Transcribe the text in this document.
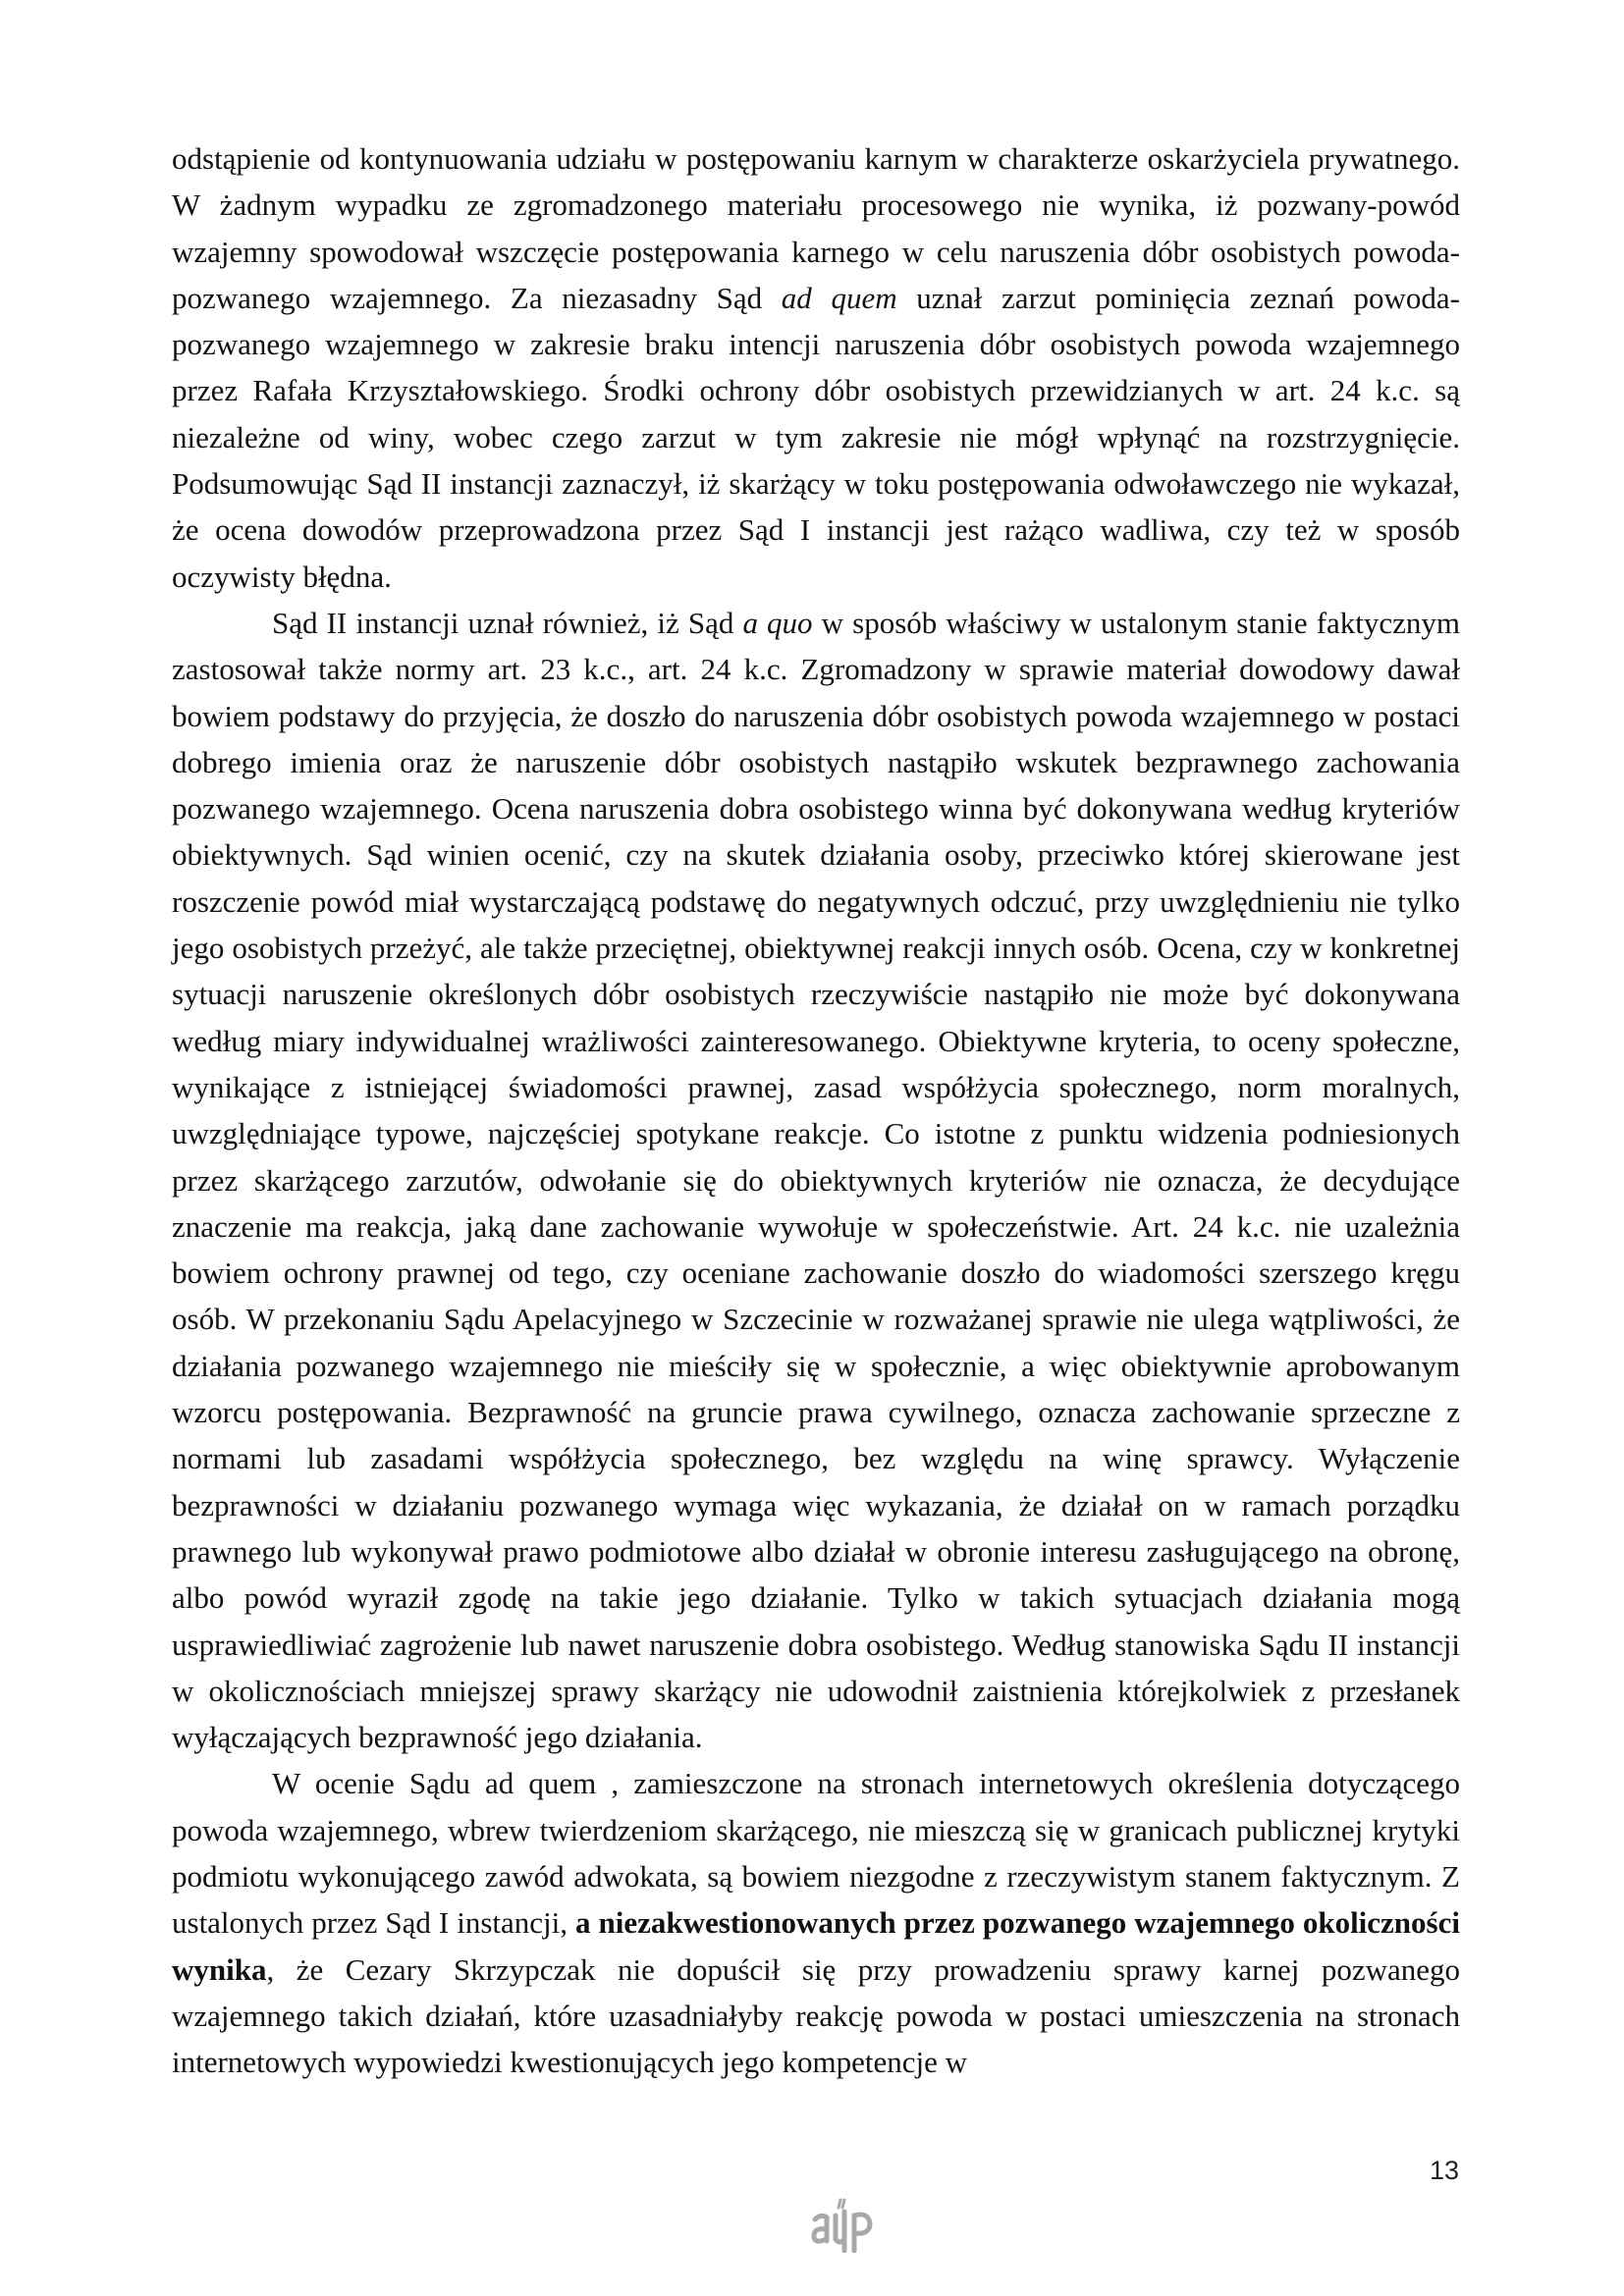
odstąpienie od kontynuowania udziału w postępowaniu karnym w charakterze oskarżyciela prywatnego. W żadnym wypadku ze zgromadzonego materiału procesowego nie wynika, iż pozwany-powód wzajemny spowodował wszczęcie postępowania karnego w celu naruszenia dóbr osobistych powoda-pozwanego wzajemnego. Za niezasadny Sąd ad quem uznał zarzut pominięcia zeznań powoda-pozwanego wzajemnego w zakresie braku intencji naruszenia dóbr osobistych powoda wzajemnego przez Rafała Krzyształowskiego. Środki ochrony dóbr osobistych przewidzianych w art. 24 k.c. są niezależne od winy, wobec czego zarzut w tym zakresie nie mógł wpłynąć na rozstrzygnięcie. Podsumowując Sąd II instancji zaznaczył, iż skarżący w toku postępowania odwoławczego nie wykazał, że ocena dowodów przeprowadzona przez Sąd I instancji jest rażąco wadliwa, czy też w sposób oczywisty błędna.

Sąd II instancji uznał również, iż Sąd a quo w sposób właściwy w ustalonym stanie faktycznym zastosował także normy art. 23 k.c., art. 24 k.c. Zgromadzony w sprawie materiał dowodowy dawał bowiem podstawy do przyjęcia, że doszło do naruszenia dóbr osobistych powoda wzajemnego w postaci dobrego imienia oraz że naruszenie dóbr osobistych nastąpiło wskutek bezprawnego zachowania pozwanego wzajemnego. Ocena naruszenia dobra osobistego winna być dokonywana według kryteriów obiektywnych. Sąd winien ocenić, czy na skutek działania osoby, przeciwko której skierowane jest roszczenie powód miał wystarczającą podstawę do negatywnych odczuć, przy uwzględnieniu nie tylko jego osobistych przeżyć, ale także przeciętnej, obiektywnej reakcji innych osób. Ocena, czy w konkretnej sytuacji naruszenie określonych dóbr osobistych rzeczywiście nastąpiło nie może być dokonywana według miary indywidualnej wrażliwości zainteresowanego. Obiektywne kryteria, to oceny społeczne, wynikające z istniejącej świadomości prawnej, zasad współżycia społecznego, norm moralnych, uwzględniające typowe, najczęściej spotykane reakcje. Co istotne z punktu widzenia podniesionych przez skarżącego zarzutów, odwołanie się do obiektywnych kryteriów nie oznacza, że decydujące znaczenie ma reakcja, jaką dane zachowanie wywołuje w społeczeństwie. Art. 24 k.c. nie uzależnia bowiem ochrony prawnej od tego, czy oceniane zachowanie doszło do wiadomości szerszego kręgu osób. W przekonaniu Sądu Apelacyjnego w Szczecinie w rozważanej sprawie nie ulega wątpliwości, że działania pozwanego wzajemnego nie mieściły się w społecznie, a więc obiektywnie aprobowanym wzorcu postępowania. Bezprawność na gruncie prawa cywilnego, oznacza zachowanie sprzeczne z normami lub zasadami współżycia społecznego, bez względu na winę sprawcy. Wyłączenie bezprawności w działaniu pozwanego wymaga więc wykazania, że działał on w ramach porządku prawnego lub wykonywał prawo podmiotowe albo działał w obronie interesu zasługującego na obronę, albo powód wyraził zgodę na takie jego działanie. Tylko w takich sytuacjach działania mogą usprawiedliwiać zagrożenie lub nawet naruszenie dobra osobistego. Według stanowiska Sądu II instancji w okolicznościach mniejszej sprawy skarżący nie udowodnił zaistnienia którejkolwiek z przesłanek wyłączających bezprawność jego działania.

W ocenie Sądu ad quem , zamieszczone na stronach internetowych określenia dotyczącego powoda wzajemnego, wbrew twierdzeniom skarżącego, nie mieszczą się w granicach publicznej krytyki podmiotu wykonującego zawód adwokata, są bowiem niezgodne z rzeczywistym stanem faktycznym. Z ustalonych przez Sąd I instancji, a niezakwestionowanych przez pozwanego wzajemnego okoliczności wynika, że Cezary Skrzypczak nie dopuścił się przy prowadzeniu sprawy karnej pozwanego wzajemnego takich działań, które uzasadniałyby reakcję powoda w postaci umieszczenia na stronach internetowych wypowiedzi kwestionujących jego kompetencje w

13
